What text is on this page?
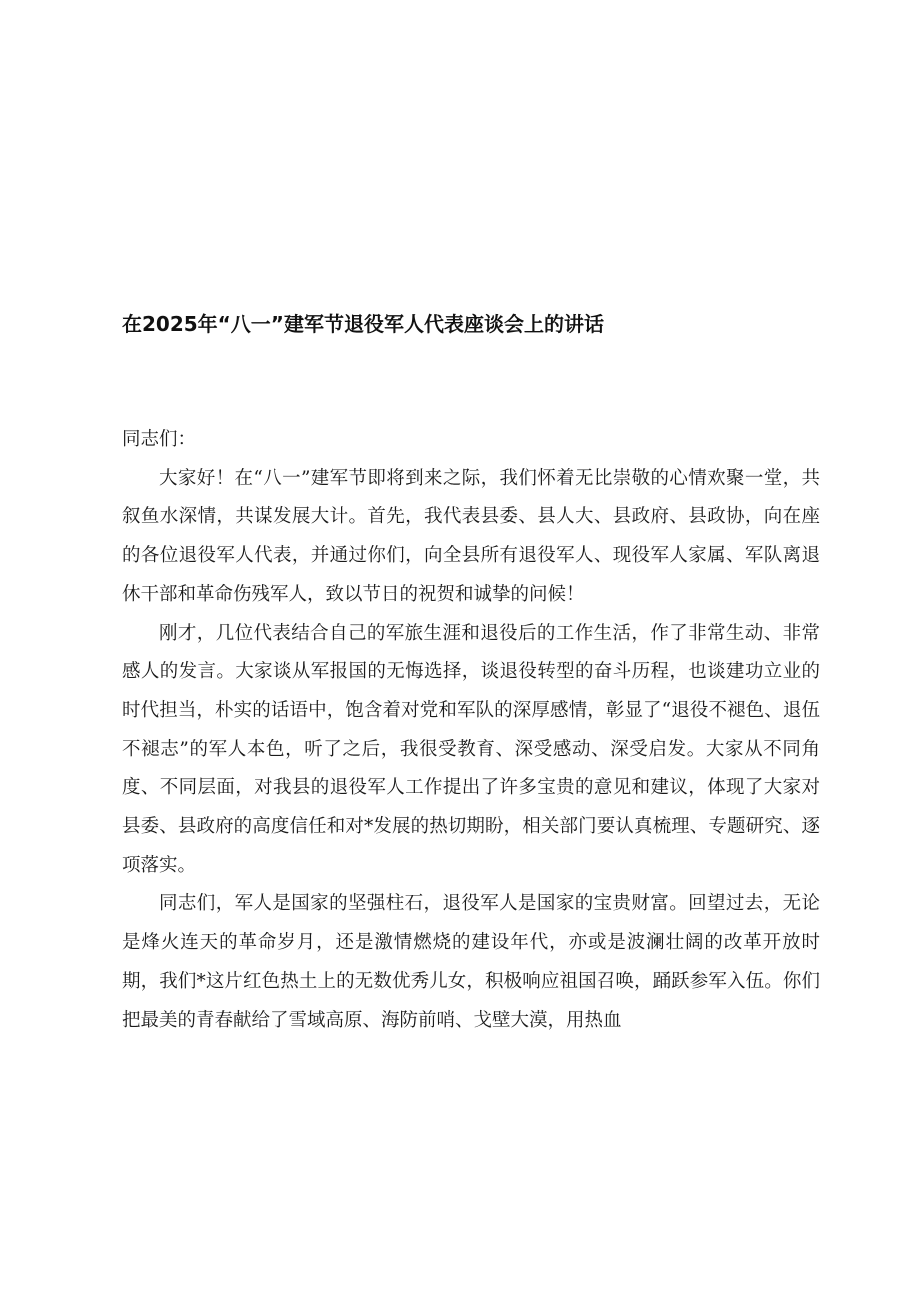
在2025年“八一”建军节退役军人代表座谈会上的讲话

同志们：

大家好！在“八一”建军节即将到来之际，我们怀着无比崇敬的心情欢聚一堂，共叙鱼水深情，共谋发展大计。首先，我代表县委、县人大、县政府、县政协，向在座的各位退役军人代表，并通过你们，向全县所有退役军人、现役军人家属、军队离退休干部和革命伤残军人，致以节日的祝贺和诚挚的问候！

刚才，几位代表结合自己的军旅生涯和退役后的工作生活，作了非常生动、非常感人的发言。大家谈从军报国的无悔选择，谈退役转型的奋斗历程，也谈建功立业的时代担当，朴实的话语中，饱含着对党和军队的深厚感情，彰显了“退役不褪色、退伍不褪志”的军人本色，听了之后，我很受教育、深受感动、深受启发。大家从不同角度、不同层面，对我县的退役军人工作提出了许多宝贵的意见和建议，体现了大家对县委、县政府的高度信任和对*发展的热切期盼，相关部门要认真梳理、专题研究、逐项落实。

同志们，军人是国家的坚强柱石，退役军人是国家的宝贵财富。回望过去，无论是烽火连天的革命岁月，还是激情燃烧的建设年代，亦或是波澜壮阔的改革开放时期，我们*这片红色热土上的无数优秀儿女，积极响应祖国召唤，踊跃参军入伍。你们把最美的青春献给了雪域高原、海防前哨、戈壁大漠，用热血
